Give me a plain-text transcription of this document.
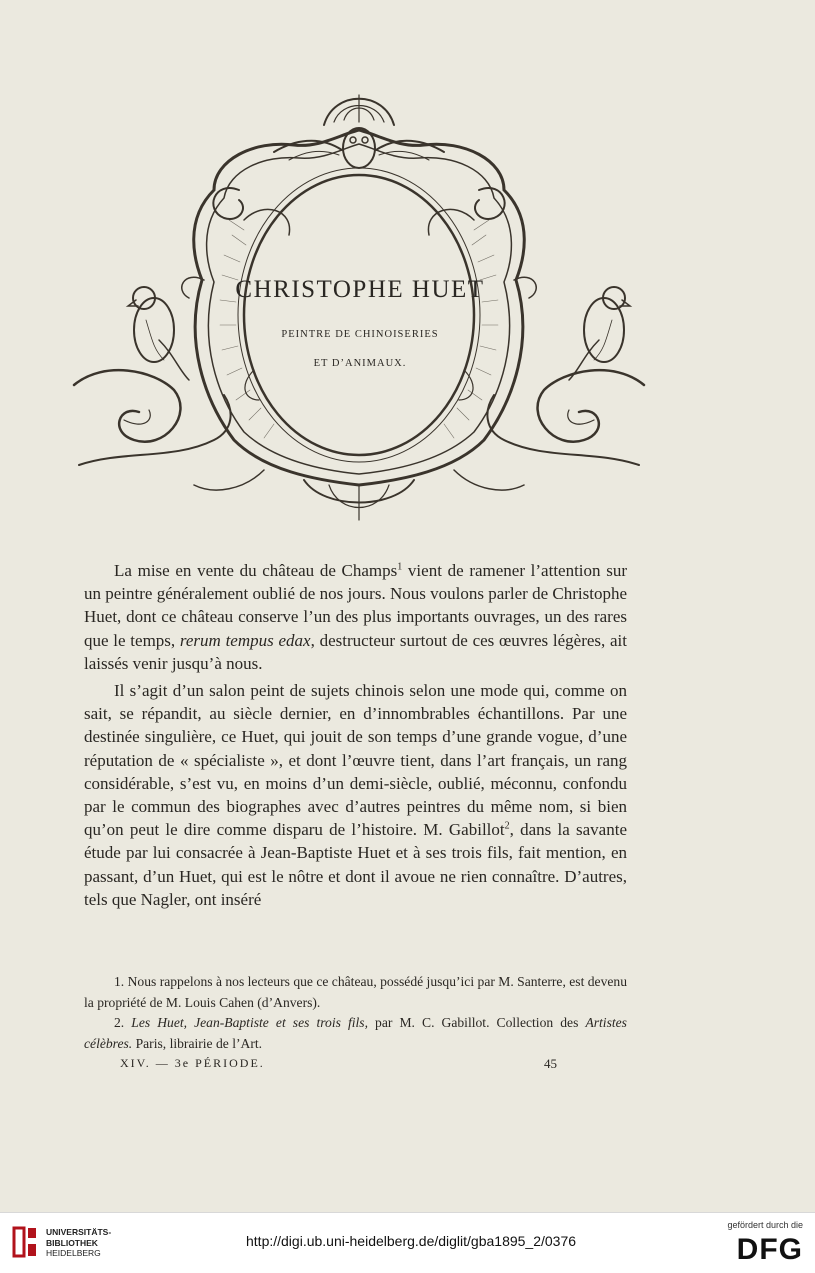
CHRISTOPHE HUET
PEINTRE DE CHINOISERIES
ET D’ANIMAUX.

La mise en vente du château de Champs$^1$ vient de ramener l’attention sur un peintre généralement oublié de nos jours. Nous voulons parler de Christophe Huet, dont ce château conserve l’un des plus importants ouvrages, un des rares que le temps, rerum tempus edax, destructeur surtout de ces œuvres légères, ait laissés venir jusqu’à nous.

Il s’agit d’un salon peint de sujets chinois selon une mode qui, comme on sait, se répandit, au siècle dernier, en d’innombrables échantillons. Par une destinée singulière, ce Huet, qui jouit de son temps d’une grande vogue, d’une réputation de « spécialiste », et dont l’œuvre tient, dans l’art français, un rang considérable, s’est vu, en moins d’un demi-siècle, oublié, méconnu, confondu par le commun des biographes avec d’autres peintres du même nom, si bien qu’on peut le dire comme disparu de l’histoire. M. Gabillot$^2$, dans la savante étude par lui consacrée à Jean-Baptiste Huet et à ses trois fils, fait mention, en passant, d’un Huet, qui est le nôtre et dont il avoue ne rien connaître. D’autres, tels que Nagler, ont inséré

1. Nous rappelons à nos lecteurs que ce château, possédé jusqu’ici par M. Santerre, est devenu la propriété de M. Louis Cahen (d’Anvers).

2. Les Huet, Jean-Baptiste et ses trois fils, par M. C. Gabillot. Collection des Artistes célèbres. Paris, librairie de l’Art.

XIV. — 3e PÉRIODE.	45
UNIVERSITÄTS-
BIBLIOTHEK
HEIDELBERG
http://digi.ub.uni-heidelberg.de/diglit/gba1895_2/0376
gefördert durch die
DFG
